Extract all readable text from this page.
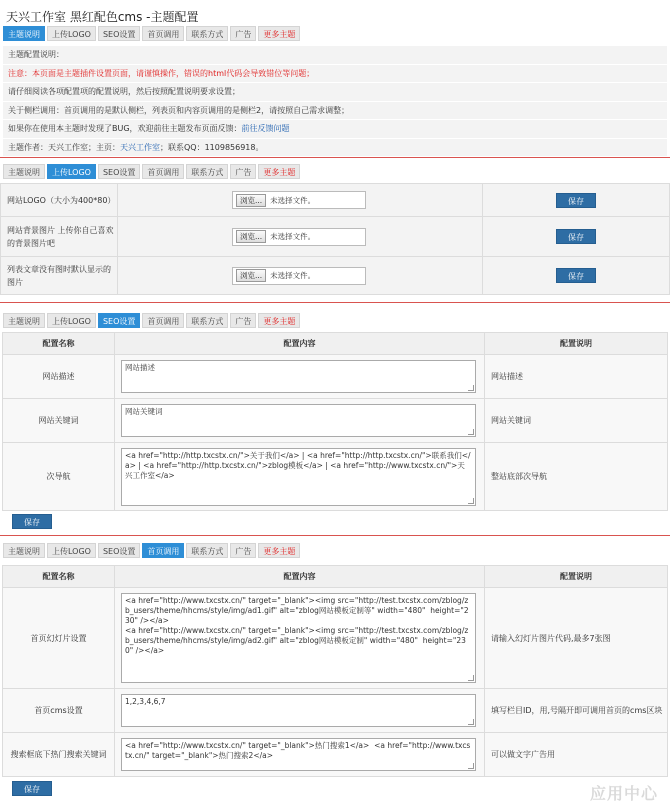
天兴工作室 黑红配色cms -主题配置
主题说明	上传LOGO	SEO设置	首页调用	联系方式	广告	更多主题
主题配置说明：
注意：本页面是主题插件设置页面，请谨慎操作，错误的html代码会导致错位等问题；
请仔细阅读各项配置项的配置说明，然后按照配置说明要求设置；
关于侧栏调用：首页调用的是默认侧栏，列表页和内容页调用的是侧栏2，请按照自己需求调整；
如果你在使用本主题时发现了BUG，欢迎前往主题发布页面反馈：前往反馈问题
主题作者：天兴工作室；主页：天兴工作室；联系QQ：1109856918。
主题说明	上传LOGO	SEO设置	首页调用	联系方式	广告	更多主题
网站LOGO（大小为400*80）	浏览... 未选择文件。	保存
网站背景图片 上传你自己喜欢的背景图片吧	浏览... 未选择文件。	保存
列表文章没有图时默认显示的图片	浏览... 未选择文件。	保存
主题说明	上传LOGO	SEO设置	首页调用	联系方式	广告	更多主题
配置名称	配置内容	配置说明
网站描述	网站描述	网站描述
网站关键词	网站关键词	网站关键词
次导航	<a href="http://http.txcstx.cn/">关于我们</a> | <a href="http://http.txcstx.cn/">联系我们</a> | <a href="http://http.txcstx.cn/">zblog模板</a> | <a href="http://www.txcstx.cn/">天兴工作室</a>	整站底部次导航
保存
主题说明	上传LOGO	SEO设置	首页调用	联系方式	广告	更多主题
配置名称	配置内容	配置说明
首页幻灯片设置	<a href="http://www.txcstx.cn/" target="_blank"><img src="http://test.txcstx.com/zblog/zb_users/theme/hhcms/style/img/ad1.gif" alt="zblog网站模板定制等" width="480"  height="230" /></a>
<a href="http://www.txcstx.cn/" target="_blank"><img src="http://test.txcstx.com/zblog/zb_users/theme/hhcms/style/img/ad2.gif" alt="zblog网站模板定制" width="480"  height="230" /></a>	请输入幻灯片图片代码,最多7张图
首页cms设置	1,2,3,4,6,7	填写栏目ID，用,号隔开即可调用首页的cms区块
搜索框底下热门搜索关键词	<a href="http://www.txcstx.cn/" target="_blank">热门搜索1</a>  <a href="http://www.txcstx.cn/" target="_blank">热门搜索2</a>	可以做文字广告用
保存	应用中心
